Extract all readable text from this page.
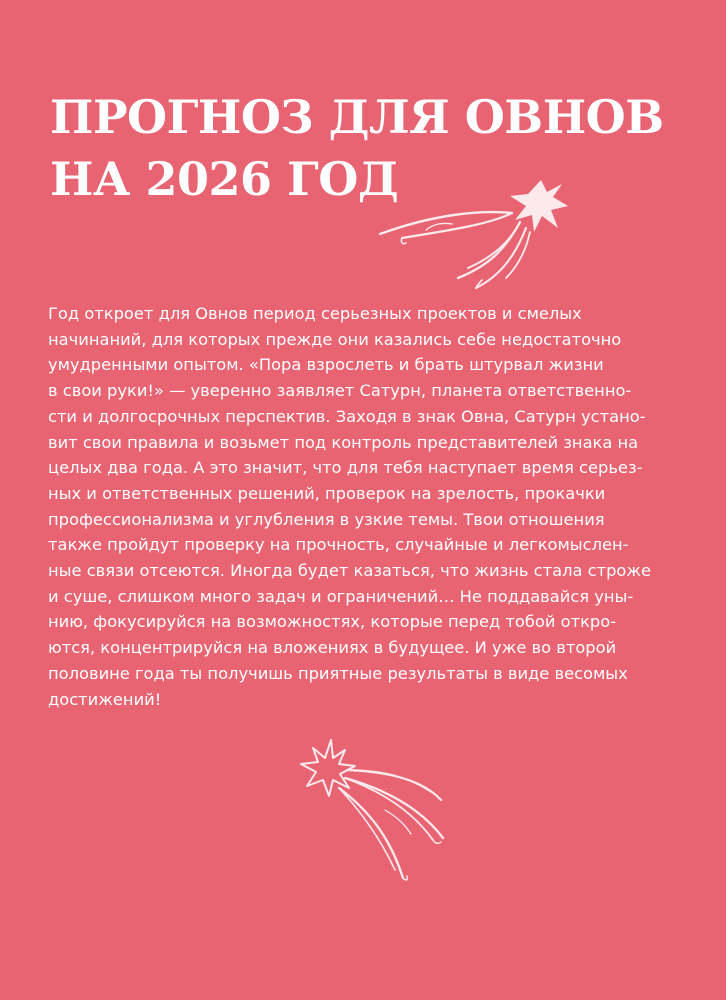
ПРОГНОЗ ДЛЯ ОВНОВ
НА 2026 ГОД

Год откроет для Овнов период серьезных проектов и смелых
начинаний, для которых прежде они казались себе недостаточно
умудренными опытом. «Пора взрослеть и брать штурвал жизни
в свои руки!» — уверенно заявляет Сатурн, планета ответственно-
сти и долгосрочных перспектив. Заходя в знак Овна, Сатурн устано-
вит свои правила и возьмет под контроль представителей знака на
целых два года. А это значит, что для тебя наступает время серьез-
ных и ответственных решений, проверок на зрелость, прокачки
профессионализма и углубления в узкие темы. Твои отношения
также пройдут проверку на прочность, случайные и легкомыслен-
ные связи отсеются. Иногда будет казаться, что жизнь стала строже
и суше, слишком много задач и ограничений… Не поддавайся уны-
нию, фокусируйся на возможностях, которые перед тобой откро-
ются, концентрируйся на вложениях в будущее. И уже во второй
половине года ты получишь приятные результаты в виде весомых
достижений!
